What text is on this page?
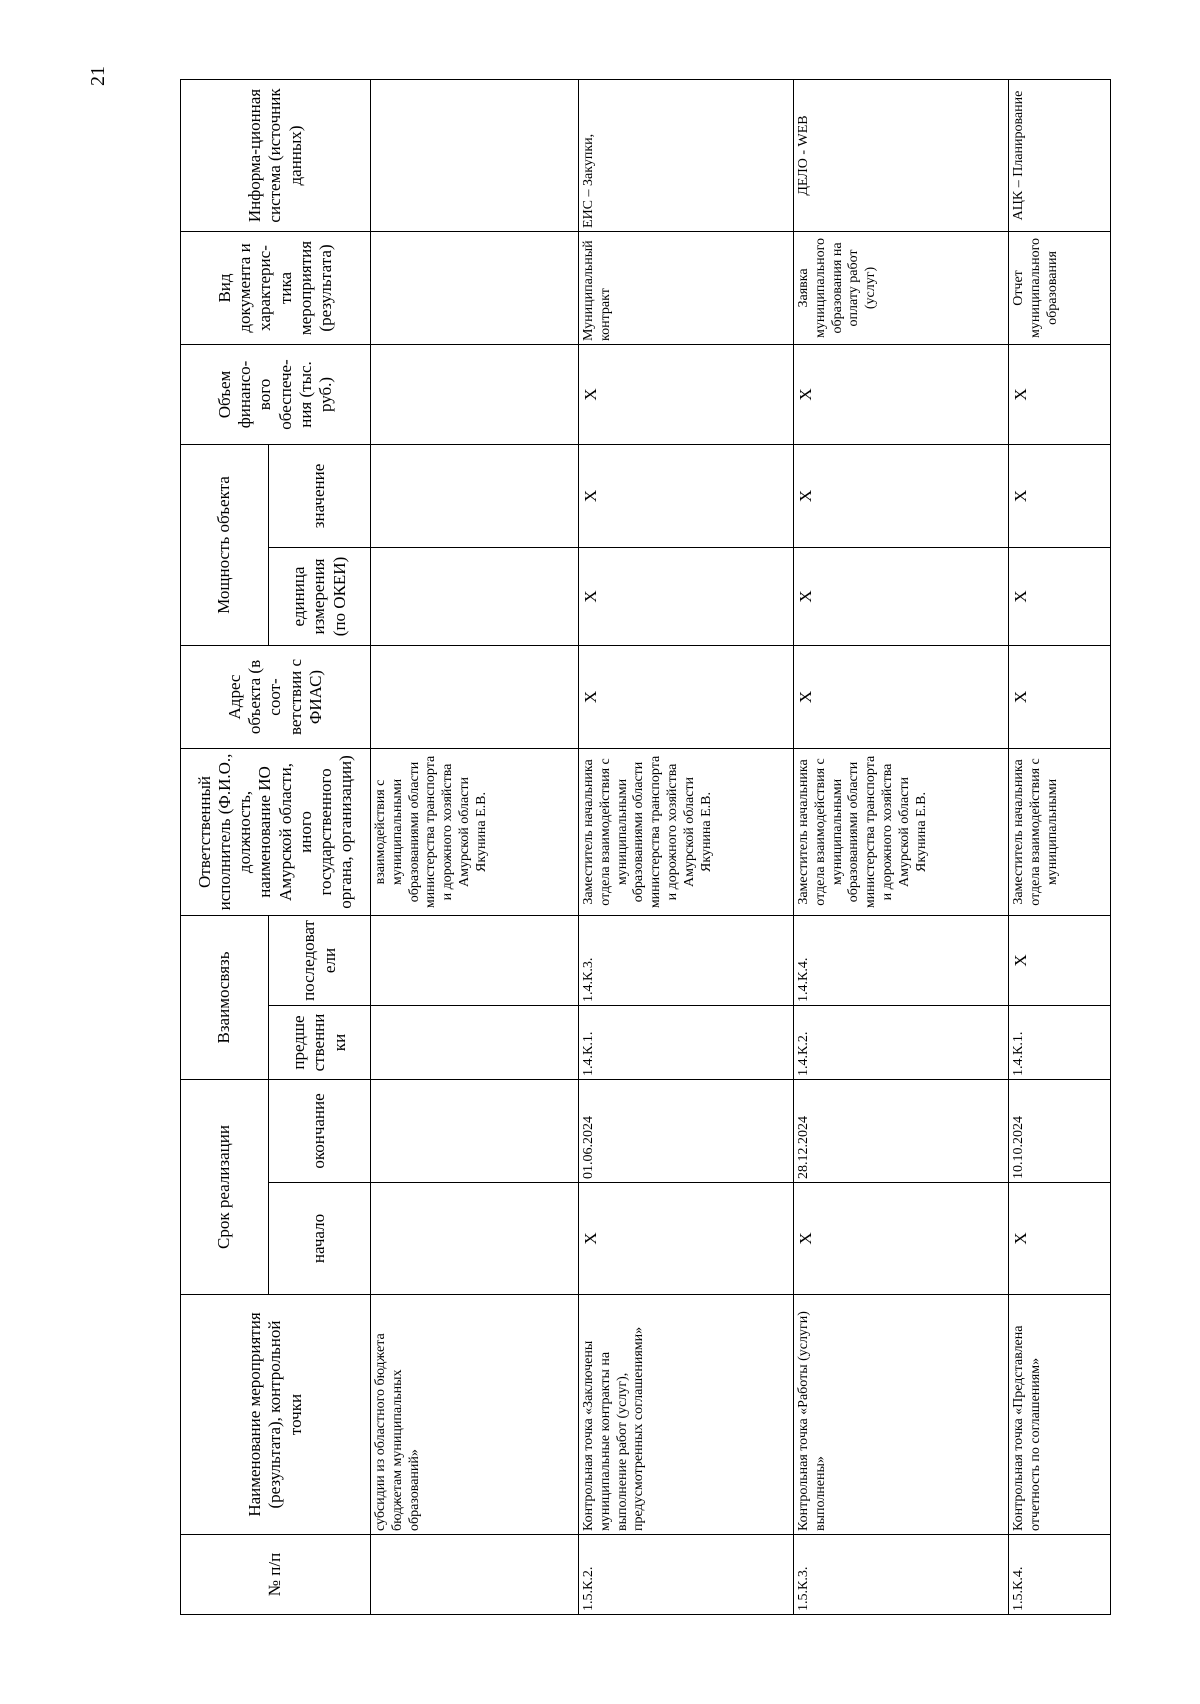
21
№ п/п	Наименование мероприятия (результата), контрольной точки	Срок реализации		Взаимосвязь		Ответственный исполнитель (Ф.И.О., должность, наименование ИО Амурской области, иного государственного органа, организации)	Адрес объекта (в соот-ветствии с ФИАС)	Мощность объекта		Объем финансо-вого обеспече-ния (тыс. руб.)	Вид документа и характерис-тика мероприятия (результата)	Информа-ционная система (источник данных)
		начало	окончание	предше ственни ки	последоват ели			единица измерения (по ОКЕИ)	значение			
	субсидии из областного бюджета бюджетам муниципальных образований»					взаимодействия с муниципальными образованиями области министерства транспорта и дорожного хозяйства Амурской области Якунина Е.В.						
1.5.К.2.	Контрольная точка «Заключены муниципальные контракты на выполнение работ (услуг), предусмотренных соглашениями»	Х	01.06.2024	1.4.К.1.	1.4.К.3.	Заместитель начальника отдела взаимодействия с муниципальными образованиями области министерства транспорта и дорожного хозяйства Амурской области Якунина Е.В.	Х	Х	Х	Х	Муниципальный контракт	ЕИС – Закупки,
1.5.К.3.	Контрольная точка «Работы (услуги) выполнены»	Х	28.12.2024	1.4.К.2.	1.4.К.4.	Заместитель начальника отдела взаимодействия с муниципальными образованиями области министерства транспорта и дорожного хозяйства Амурской области Якунина Е.В.	Х	Х	Х	Х	Заявка муниципального образования на оплату работ (услуг)	ДЕЛО - WEB
1.5.К.4.	Контрольная точка «Представлена отчетность по соглашениям»	Х	10.10.2024	1.4.К.1.	Х	Заместитель начальника отдела взаимодействия с муниципальными	Х	Х	Х	Х	Отчет муниципального образования	АЦК – Планирование
